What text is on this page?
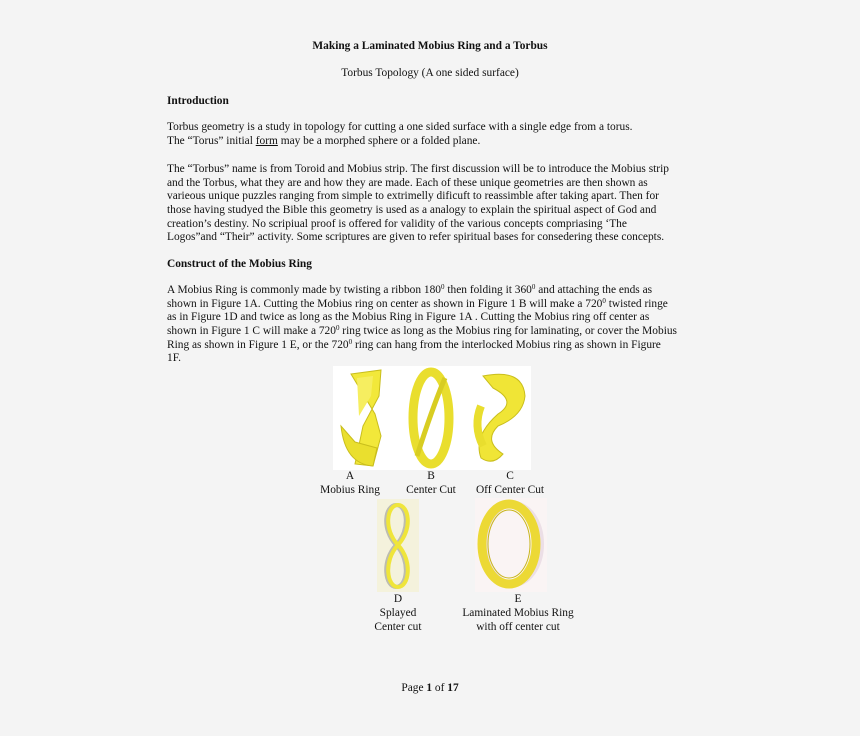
Making a Laminated Mobius Ring and a Torbus
Torbus Topology (A one sided surface)
Introduction
Torbus geometry is a study in topology for cutting a one sided surface with a single edge from a torus.
The “Torus” initial form may be a morphed sphere or a folded plane.
The “Torbus” name is from Toroid and Mobius strip. The first discussion will be to introduce the Mobius strip
and the Torbus, what they are and how they are made. Each of these unique geometries are then shown as
varieous unique puzzles ranging from simple to extrimelly dificuft to reassimble after taking apart. Then for
those having studyed the Bible this geometry is used as a analogy to explain the spiritual aspect of God and
creation’s destiny. No scripiual proof is offered for validity of the various concepts compriasing ‘The
Logos”and “Their” activity. Some scriptures are given to refer spiritual bases for consedering these concepts.
Construct of the Mobius Ring
A Mobius Ring is commonly made by twisting a ribbon $180^0$ then folding it $360^0$ and attaching the ends as
shown in Figure 1A. Cutting the Mobius ring on center as shown in Figure 1 B will make a $720^0$ twisted ringe
as in Figure 1D and twice as long as the Mobius Ring in Figure 1A . Cutting the Mobius ring off center as
shown in Figure 1 C will make a $720^0$ ring twice as long as the Mobius ring for laminating, or cover the Mobius
Ring as shown in Figure 1 E, or the $720^0$ ring can hang from the interlocked Mobius ring as shown in Figure
1F.
A
Mobius Ring
B
Center Cut
C
Off Center Cut
D
Splayed
Center cut
E
Laminated Mobius Ring
with off center cut
Page 1 of 17
